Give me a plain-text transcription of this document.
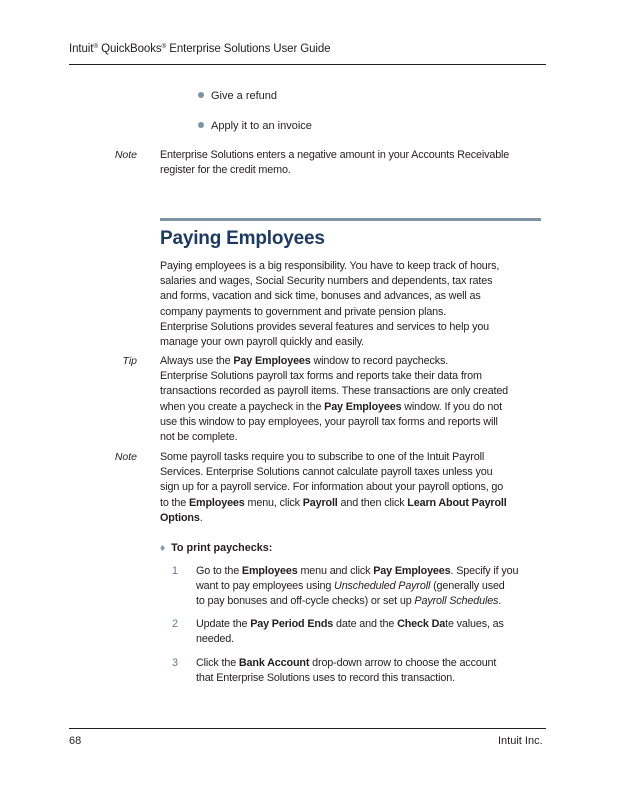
Intuit® QuickBooks® Enterprise Solutions User Guide
Give a refund
Apply it to an invoice
Note Enterprise Solutions enters a negative amount in your Accounts Receivable

register for the credit memo.

Paying Employees

Paying employees is a big responsibility. You have to keep track of hours,

salaries and wages, Social Security numbers and dependents, tax rates

and forms, vacation and sick time, bonuses and advances, as well as

company payments to government and private pension plans.

Enterprise Solutions provides several features and services to help you

manage your own payroll quickly and easily.

Tip Always use the Pay Employees window to record paychecks.

Enterprise Solutions payroll tax forms and reports take their data from

transactions recorded as payroll items. These transactions are only created

when you create a paycheck in the Pay Employees window. If you do not

use this window to pay employees, your payroll tax forms and reports will

not be complete.

Note Some payroll tasks require you to subscribe to one of the Intuit Payroll

Services. Enterprise Solutions cannot calculate payroll taxes unless you

sign up for a payroll service. For information about your payroll options, go

to the Employees menu, click Payroll and then click Learn About Payroll

Options.

♦ To print paychecks:
1 Go to the Employees menu and click Pay Employees. Specify if you
want to pay employees using Unscheduled Payroll (generally used
to pay bonuses and off-cycle checks) or set up Payroll Schedules.
2 Update the Pay Period Ends date and the Check Date values, as
needed.
3 Click the Bank Account drop-down arrow to choose the account
that Enterprise Solutions uses to record this transaction.
68	Intuit Inc.
